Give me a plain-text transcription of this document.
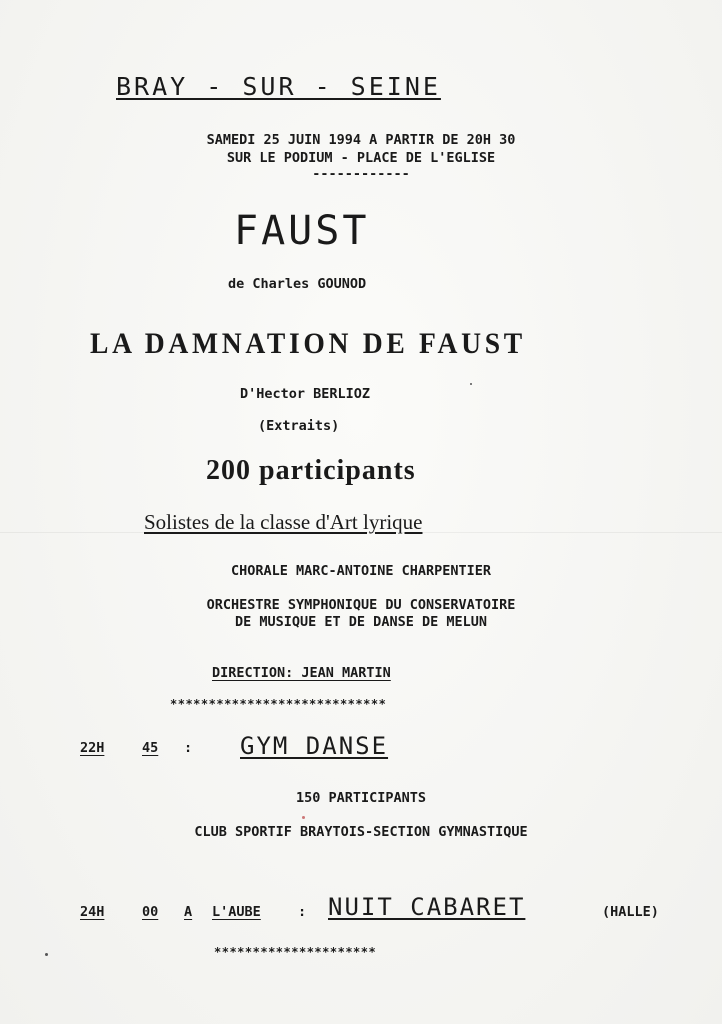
BRAY - SUR - SEINE
SAMEDI 25 JUIN 1994 A PARTIR DE 20H 30
SUR LE PODIUM - PLACE DE L'EGLISE
------------
FAUST
de Charles GOUNOD
LA DAMNATION DE FAUST
D'Hector BERLIOZ
(Extraits)
200 participants
Solistes de la classe d'Art lyrique
CHORALE MARC-ANTOINE CHARPENTIER
ORCHESTRE SYMPHONIQUE DU CONSERVATOIRE
DE MUSIQUE ET DE DANSE DE MELUN
DIRECTION: JEAN MARTIN
****************************
22H	45 : GYM DANSE
150 PARTICIPANTS
CLUB SPORTIF BRAYTOIS-SECTION GYMNASTIQUE
24H	00 A L'AUBE	: NUIT CABARET	(HALLE)
*********************
